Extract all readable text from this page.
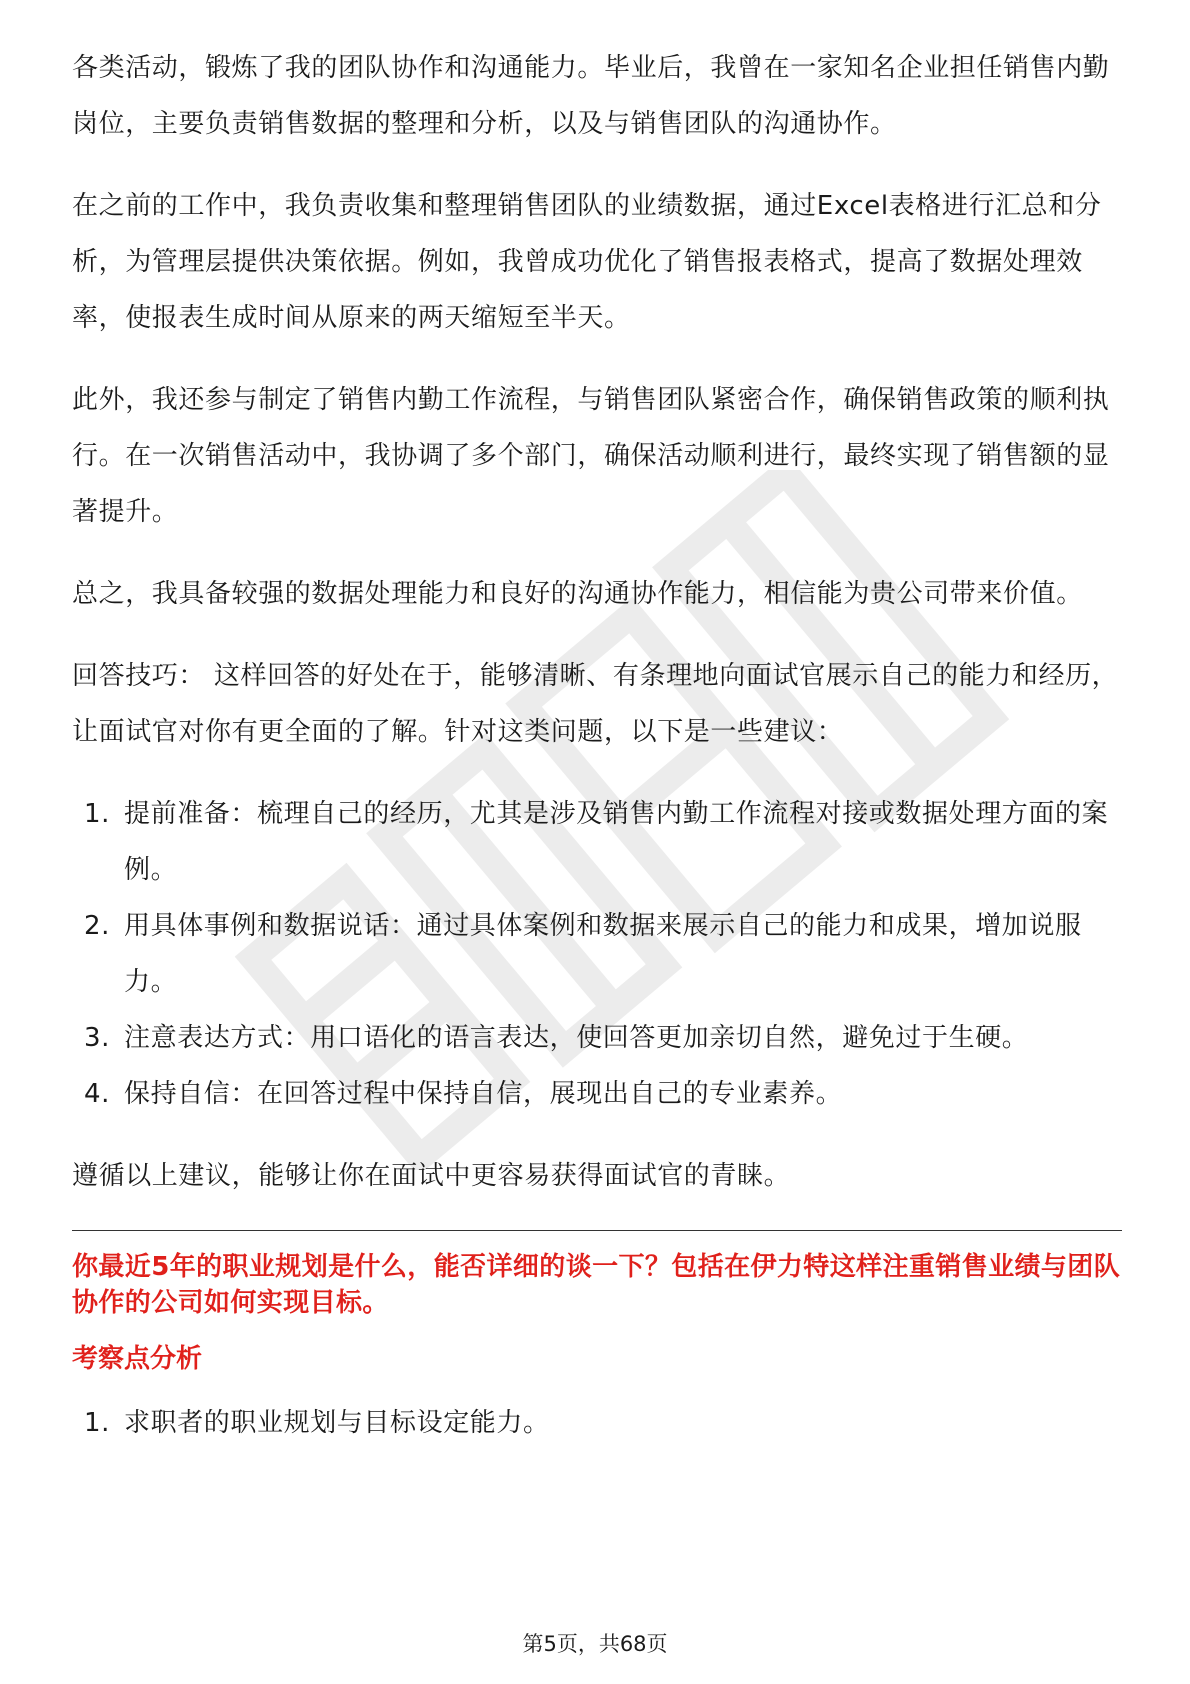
各类活动，锻炼了我的团队协作和沟通能力。毕业后，我曾在一家知名企业担任销售内勤岗位，主要负责销售数据的整理和分析，以及与销售团队的沟通协作。

在之前的工作中，我负责收集和整理销售团队的业绩数据，通过Excel表格进行汇总和分析，为管理层提供决策依据。例如，我曾成功优化了销售报表格式，提高了数据处理效率，使报表生成时间从原来的两天缩短至半天。

此外，我还参与制定了销售内勤工作流程，与销售团队紧密合作，确保销售政策的顺利执行。在一次销售活动中，我协调了多个部门，确保活动顺利进行，最终实现了销售额的显著提升。

总之，我具备较强的数据处理能力和良好的沟通协作能力，相信能为贵公司带来价值。

回答技巧： 这样回答的好处在于，能够清晰、有条理地向面试官展示自己的能力和经历，让面试官对你有更全面的了解。针对这类问题，以下是一些建议：

1. 提前准备：梳理自己的经历，尤其是涉及销售内勤工作流程对接或数据处理方面的案例。
2. 用具体事例和数据说话：通过具体案例和数据来展示自己的能力和成果，增加说服力。
3. 注意表达方式：用口语化的语言表达，使回答更加亲切自然，避免过于生硬。
4. 保持自信：在回答过程中保持自信，展现出自己的专业素养。

遵循以上建议，能够让你在面试中更容易获得面试官的青睐。

你最近5年的职业规划是什么，能否详细的谈一下？包括在伊力特这样注重销售业绩与团队协作的公司如何实现目标。
考察点分析
1. 求职者的职业规划与目标设定能力。
第5页，共68页
